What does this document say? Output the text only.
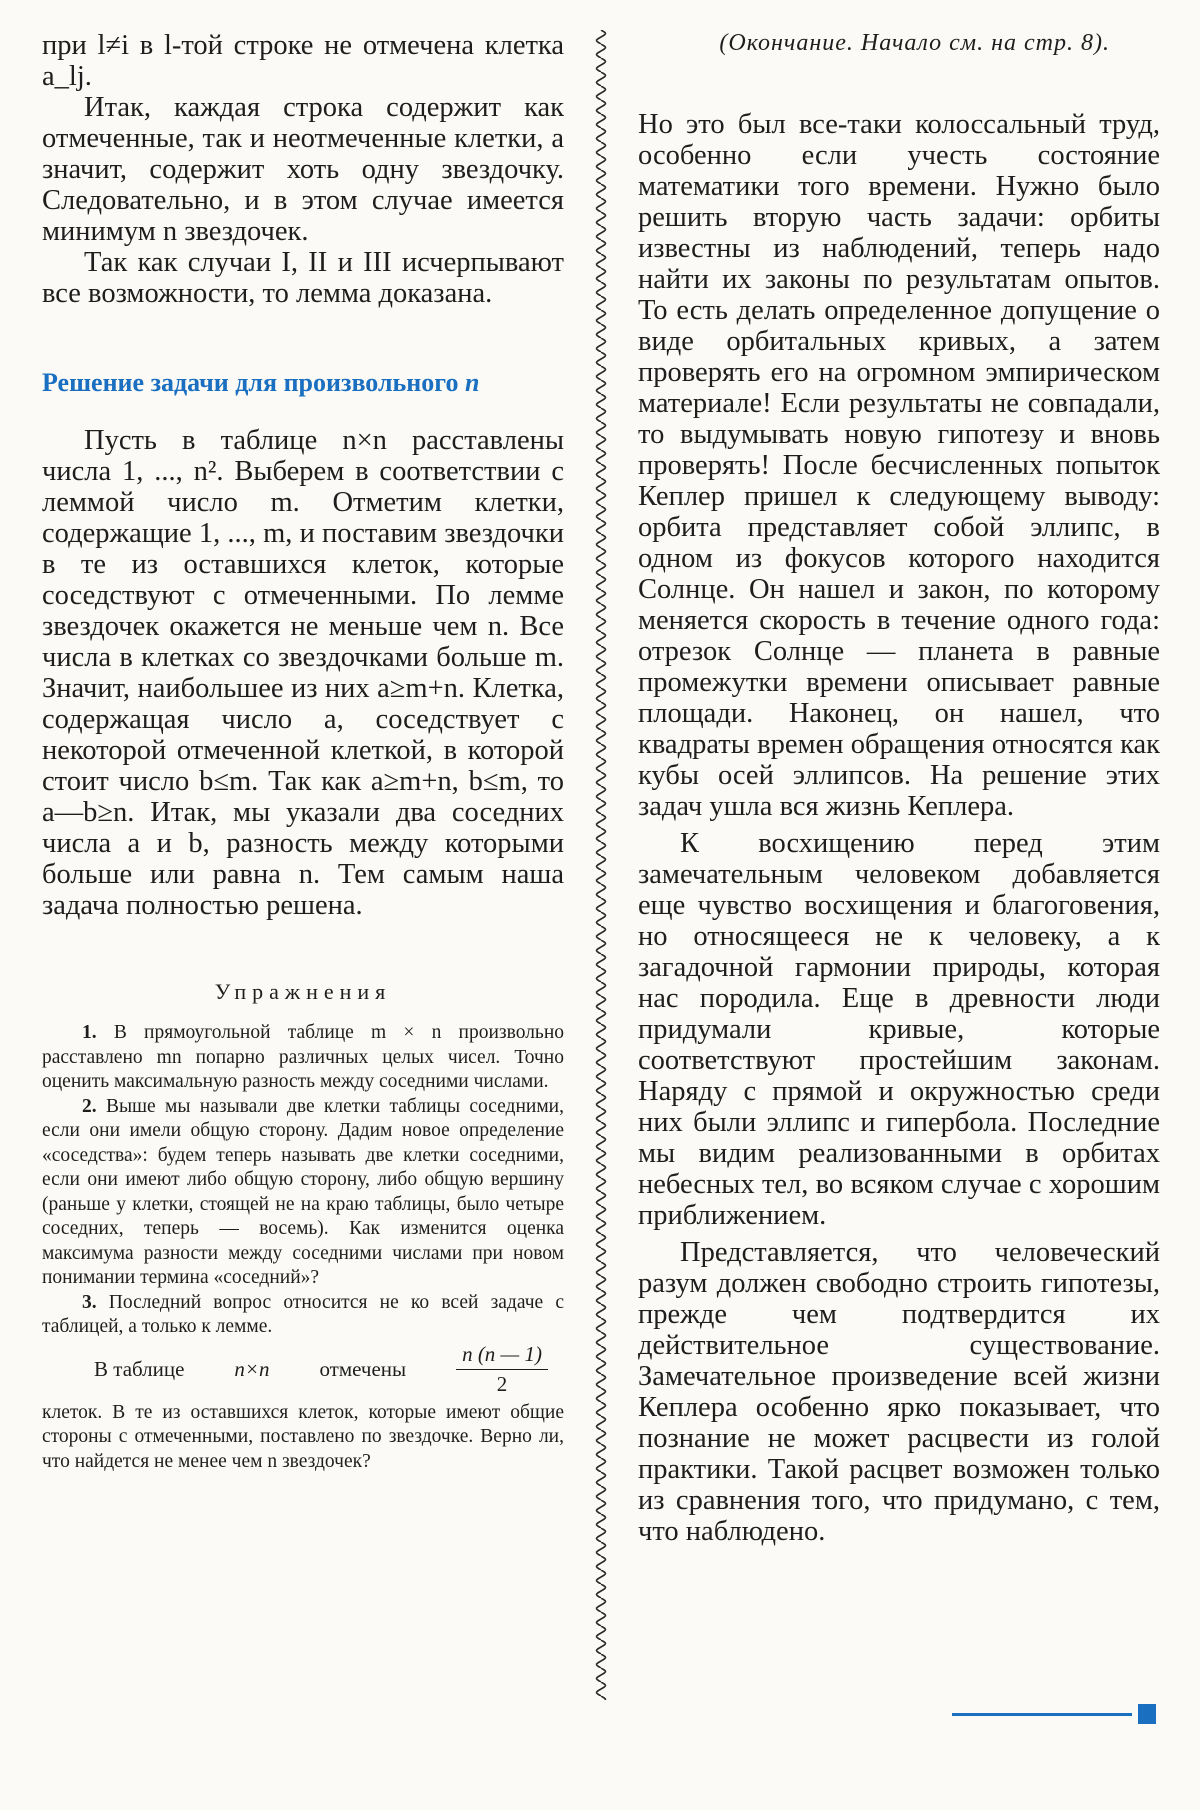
при l≠i в l-той строке не отмечена клетка a_lj.

Итак, каждая строка содержит как отмеченные, так и неотмеченные клетки, а значит, содержит хоть одну звездочку. Следовательно, и в этом случае имеется минимум n звездочек.

Так как случаи I, II и III исчерпывают все возможности, то лемма доказана.

Решение задачи для произвольного n

Пусть в таблице n×n расставлены числа 1, ..., n². Выберем в соответствии с леммой число m. Отметим клетки, содержащие 1, ..., m, и поставим звездочки в те из оставшихся клеток, которые соседствуют с отмеченными. По лемме звездочек окажется не меньше чем n. Все числа в клетках со звездочками больше m. Значит, наибольшее из них a≥m+n. Клетка, содержащая число a, соседствует с некоторой отмеченной клеткой, в которой стоит число b≤m. Так как a≥m+n, b≤m, то a—b≥n. Итак, мы указали два соседних числа a и b, разность между которыми больше или равна n. Тем самым наша задача полностью решена.

Упражнения

1. В прямоугольной таблице m × n произвольно расставлено mn попарно различных целых чисел. Точно оценить максимальную разность между соседними числами.

2. Выше мы называли две клетки таблицы соседними, если они имели общую сторону. Дадим новое определение «соседства»: будем теперь называть две клетки соседними, если они имеют либо общую сторону, либо общую вершину (раньше у клетки, стоящей не на краю таблицы, было четыре соседних, теперь — восемь). Как изменится оценка максимума разности между соседними числами при новом понимании термина «соседний»?

3. Последний вопрос относится не ко всей задаче с таблицей, а только к лемме.

В таблице n×n отмечены $\frac{n (n — 1)}{2}$

клеток. В те из оставшихся клеток, которые имеют общие стороны с отмеченными, поставлено по звездочке. Верно ли, что найдется не менее чем n звездочек?

(Окончание. Начало см. на стр. 8).

Но это был все-таки колоссальный труд, особенно если учесть состояние математики того времени. Нужно было решить вторую часть задачи: орбиты известны из наблюдений, теперь надо найти их законы по результатам опытов. То есть делать определенное допущение о виде орбитальных кривых, а затем проверять его на огромном эмпирическом материале! Если результаты не совпадали, то выдумывать новую гипотезу и вновь проверять! После бесчисленных попыток Кеплер пришел к следующему выводу: орбита представляет собой эллипс, в одном из фокусов которого находится Солнце. Он нашел и закон, по которому меняется скорость в течение одного года: отрезок Солнце — планета в равные промежутки времени описывает равные площади. Наконец, он нашел, что квадраты времен обращения относятся как кубы осей эллипсов. На решение этих задач ушла вся жизнь Кеплера.

К восхищению перед этим замечательным человеком добавляется еще чувство восхищения и благоговения, но относящееся не к человеку, а к загадочной гармонии природы, которая нас породила. Еще в древности люди придумали кривые, которые соответствуют простейшим законам. Наряду с прямой и окружностью среди них были эллипс и гипербола. Последние мы видим реализованными в орбитах небесных тел, во всяком случае с хорошим приближением.

Представляется, что человеческий разум должен свободно строить гипотезы, прежде чем подтвердится их действительное существование. Замечательное произведение всей жизни Кеплера особенно ярко показывает, что познание не может расцвести из голой практики. Такой расцвет возможен только из сравнения того, что придумано, с тем, что наблюдено.
